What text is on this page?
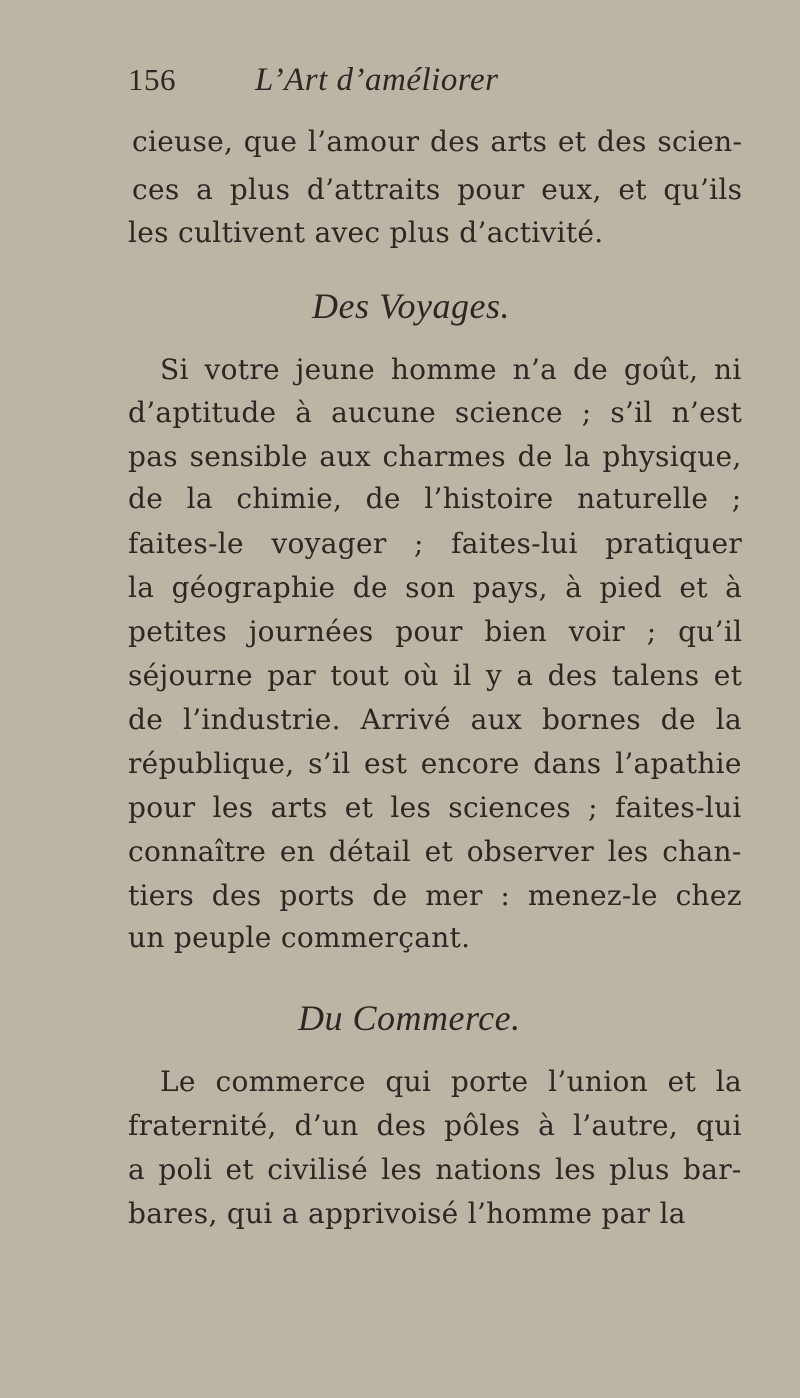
156 L’Art d’améliorer
cieuse, que l’amour des arts et des scien-
ces a plus d’attraits pour eux, et qu’ils
les cultivent avec plus d’activité.
Des Voyages.
Si votre jeune homme n’a de goût, ni
d’aptitude à aucune science ; s’il n’est
pas sensible aux charmes de la physique,
de la chimie, de l’histoire naturelle ;
faites-le voyager ; faites-lui pratiquer
la géographie de son pays, à pied et à
petites journées pour bien voir ; qu’il
séjourne par tout où il y a des talens et
de l’industrie. Arrivé aux bornes de la
république, s’il est encore dans l’apathie
pour les arts et les sciences ; faites-lui
connaître en détail et observer les chan-
tiers des ports de mer : menez-le chez
un peuple commerçant.
Du Commerce.
Le commerce qui porte l’union et la
fraternité, d’un des pôles à l’autre, qui
a poli et civilisé les nations les plus bar-
bares, qui a apprivoisé l’homme par la
